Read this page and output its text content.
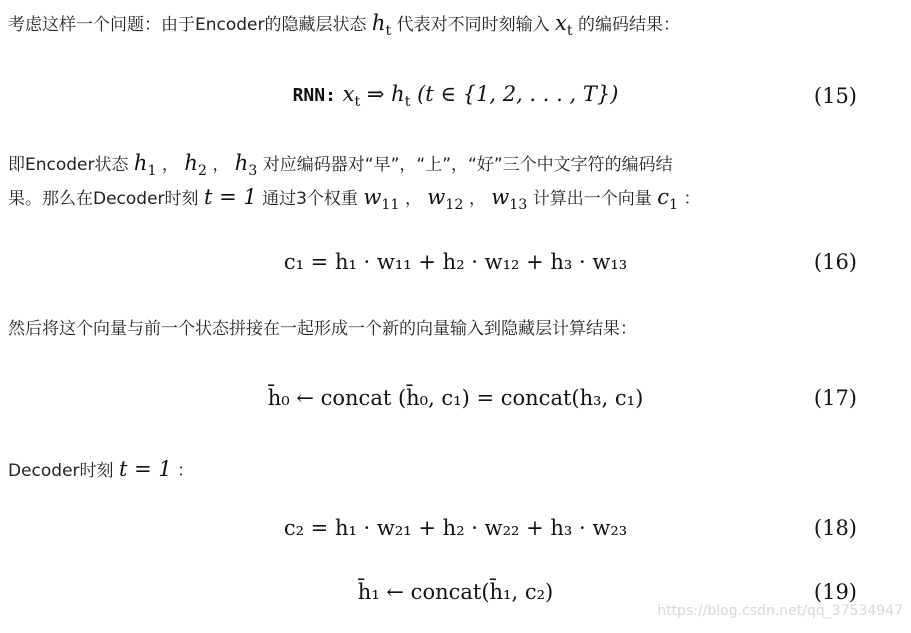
考虑这样一个问题：由于Encoder的隐藏层状态 $h_t$ 代表对不同时刻输入 $x_t$ 的编码结果：
RNN: $x_t$ ⇒ $h_t$ (t ∈ {1, 2, . . . , T})	(15)
即Encoder状态 $h_1$ ， $h_2$ ， $h_3$ 对应编码器对“早”，“上”，“好”三个中文字符的编码结
果。那么在Decoder时刻 t = 1 通过3个权重 $w_{11}$ ， $w_{12}$ ， $w_{13}$ 计算出一个向量 $c_1$ ：
c₁ = h₁ · w₁₁ + h₂ · w₁₂ + h₃ · w₁₃	(16)
然后将这个向量与前一个状态拼接在一起形成一个新的向量输入到隐藏层计算结果：
h̄₀ ← concat (h̄₀, c₁) = concat(h₃, c₁)	(17)
Decoder时刻 t = 1 ：
c₂ = h₁ · w₂₁ + h₂ · w₂₂ + h₃ · w₂₃	(18)
h̄₁ ← concat(h̄₁, c₂)	(19)
https://blog.csdn.net/qq_37534947
